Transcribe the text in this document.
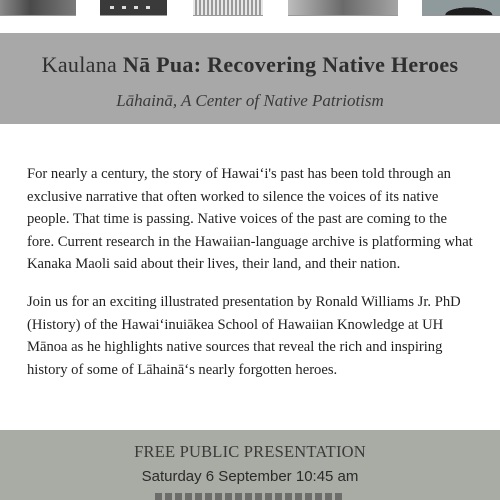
Kaulana Nā Pua: Recovering Native Heroes
Lāhainā, A Center of Native Patriotism

For nearly a century, the story of Hawai‘i's past has been told through an exclusive narrative that often worked to silence the voices of its native people. That time is passing. Native voices of the past are coming to the fore. Current research in the Hawaiian-language archive is platforming what Kanaka Maoli said about their lives, their land, and their nation.

Join us for an exciting illustrated presentation by Ronald Williams Jr. PhD (History) of the Hawai‘inuiākea School of Hawaiian Knowledge at UH Mānoa as he highlights native sources that reveal the rich and inspiring history of some of Lāhainā‘s nearly forgotten heroes.

FREE PUBLIC PRESENTATION
Saturday 6 September 10:45 am
